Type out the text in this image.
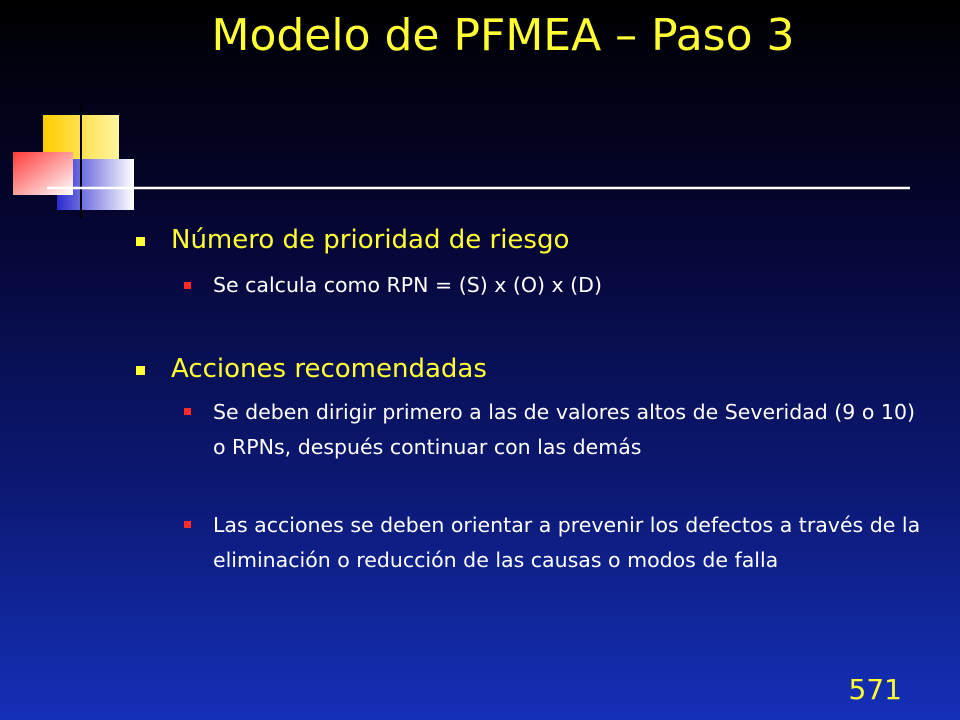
Modelo de PFMEA – Paso 3
Número de prioridad de riesgo
Se calcula como RPN = (S) x (O) x (D)
Acciones recomendadas
Se deben dirigir primero a las de valores altos de Severidad (9 o 10) o RPNs, después continuar con las demás
Las acciones se deben orientar a prevenir los defectos a través de la eliminación o reducción de las causas o modos de falla
571
